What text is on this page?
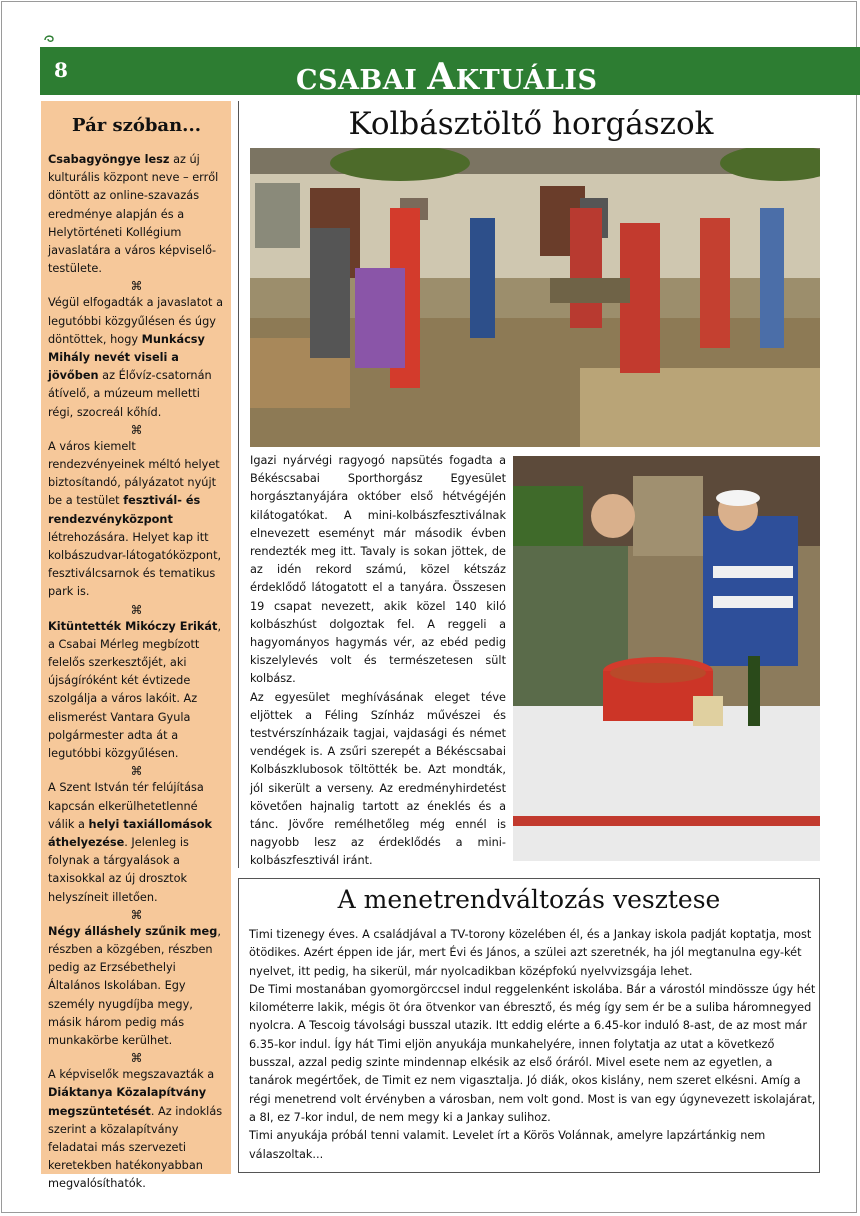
8	CSABAI AKTUÁLIS
Pár szóban...

Csabagyöngye lesz az új kulturális központ neve – erről döntött az online-szavazás eredménye alapján és a Helytörténeti Kollégium javaslatára a város képviselő-testülete.

⌘

Végül elfogadták a javaslatot a legutóbbi közgyűlésen és úgy döntöttek, hogy Munkácsy Mihály nevét viseli a jövőben az Élővíz-csatornán átívelő, a múzeum melletti régi, szocreál kőhíd.

⌘

A város kiemelt rendezvényeinek méltó helyet biztosítandó, pályázatot nyújt be a testület fesztivál- és rendezvényközpont létrehozására. Helyet kap itt kolbászudvar-látogatóközpont, fesztiválcsarnok és tematikus park is.

⌘

Kitüntették Mikóczy Erikát, a Csabai Mérleg megbízott felelős szerkesztőjét, aki újságíróként két évtizede szolgálja a város lakóit. Az elismerést Vantara Gyula polgármester adta át a legutóbbi közgyűlésen.

⌘

A Szent István tér felújítása kapcsán elkerülhetetlenné válik a helyi taxiállomások áthelyezése. Jelenleg is folynak a tárgyalások a taxisokkal az új drosztok helyszíneit illetően.

⌘

Négy álláshely szűnik meg, részben a közgében, részben pedig az Erzsébethelyi Általános Iskolában. Egy személy nyugdíjba megy, másik három pedig más munkakörbe kerülhet.

⌘

A képviselők megszavazták a Diáktanya Közalapítvány megszüntetését. Az indoklás szerint a közalapítvány feladatai más szervezeti keretekben hatékonyabban megvalósíthatók.

Kolbásztöltő horgászok

Igazi nyárvégi ragyogó napsütés fogadta a Békéscsabai Sporthorgász Egyesület horgásztanyájára október első hétvégéjén kilátogatókat. A mini-kolbászfesztiválnak elnevezett eseményt már második évben rendezték meg itt. Tavaly is sokan jöttek, de az idén rekord számú, közel kétszáz érdeklődő látogatott el a tanyára. Összesen 19 csapat nevezett, akik közel 140 kiló kolbászhúst dolgoztak fel. A reggeli a hagyományos hagymás vér, az ebéd pedig kiszelylevés volt és természetesen sült kolbász.

Az egyesület meghívásának eleget téve eljöttek a Féling Színház művészei és testvérszínházaik tagjai, vajdasági és német vendégek is. A zsűri szerepét a Békéscsabai Kolbászklubosok töltötték be. Azt mondták, jól sikerült a verseny. Az eredményhirdetést követően hajnalig tartott az éneklés és a tánc. Jövőre remélhetőleg még ennél is nagyobb lesz az érdeklődés a mini-kolbászfesztivál iránt.

A menetrendváltozás vesztese

Timi tizenegy éves. A családjával a TV-torony közelében él, és a Jankay iskola padját koptatja, most ötödikes. Azért éppen ide jár, mert Évi és János, a szülei azt szeretnék, ha jól megtanulna egy-két nyelvet, itt pedig, ha sikerül, már nyolcadikban középfokú nyelvvizsgája lehet.

De Timi mostanában gyomorgörccsel indul reggelenként iskolába. Bár a várostól mindössze úgy hét kilométerre lakik, mégis öt óra ötvenkor van ébresztő, és még így sem ér be a suliba háromnegyed nyolcra. A Tescoig távolsági busszal utazik. Itt eddig elérte a 6.45-kor induló 8-ast, de az most már 6.35-kor indul. Így hát Timi eljön anyukája munkahelyére, innen folytatja az utat a következő busszal, azzal pedig szinte mindennap elkésik az első óráról. Mivel esete nem az egyetlen, a tanárok megértőek, de Timit ez nem vigasztalja. Jó diák, okos kislány, nem szeret elkésni. Amíg a régi menetrend volt érvényben a városban, nem volt gond. Most is van egy úgynevezett iskolajárat, a 8I, ez 7-kor indul, de nem megy ki a Jankay sulihoz.

Timi anyukája próbál tenni valamit. Levelet írt a Körös Volánnak, amelyre lapzártánkig nem válaszoltak...
